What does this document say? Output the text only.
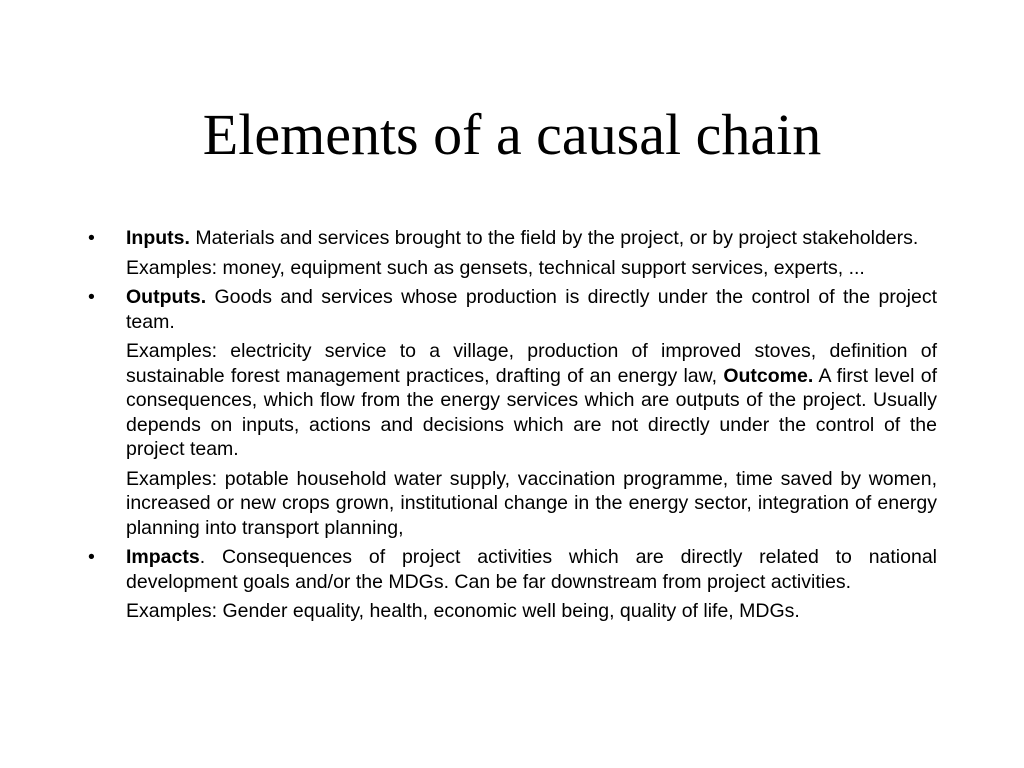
Elements of a causal chain

•	Inputs. Materials and services brought to the field by the project, or by project stakeholders.

Examples: money, equipment such as gensets, technical support services, experts, ...

•	Outputs. Goods and services whose production is directly under the control of the project team.

Examples: electricity service to a village, production of improved stoves, definition of sustainable forest management practices, drafting of an energy law, Outcome. A first level of consequences, which flow from the energy services which are outputs of the project. Usually depends on inputs, actions and decisions which are not directly under the control of the project team.

Examples: potable household water supply, vaccination programme, time saved by women, increased or new crops grown, institutional change in the energy sector, integration of energy planning into transport planning,

•	Impacts. Consequences of project activities which are directly related to national development goals and/or the MDGs. Can be far downstream from project activities.

Examples: Gender equality, health, economic well being, quality of life, MDGs.
